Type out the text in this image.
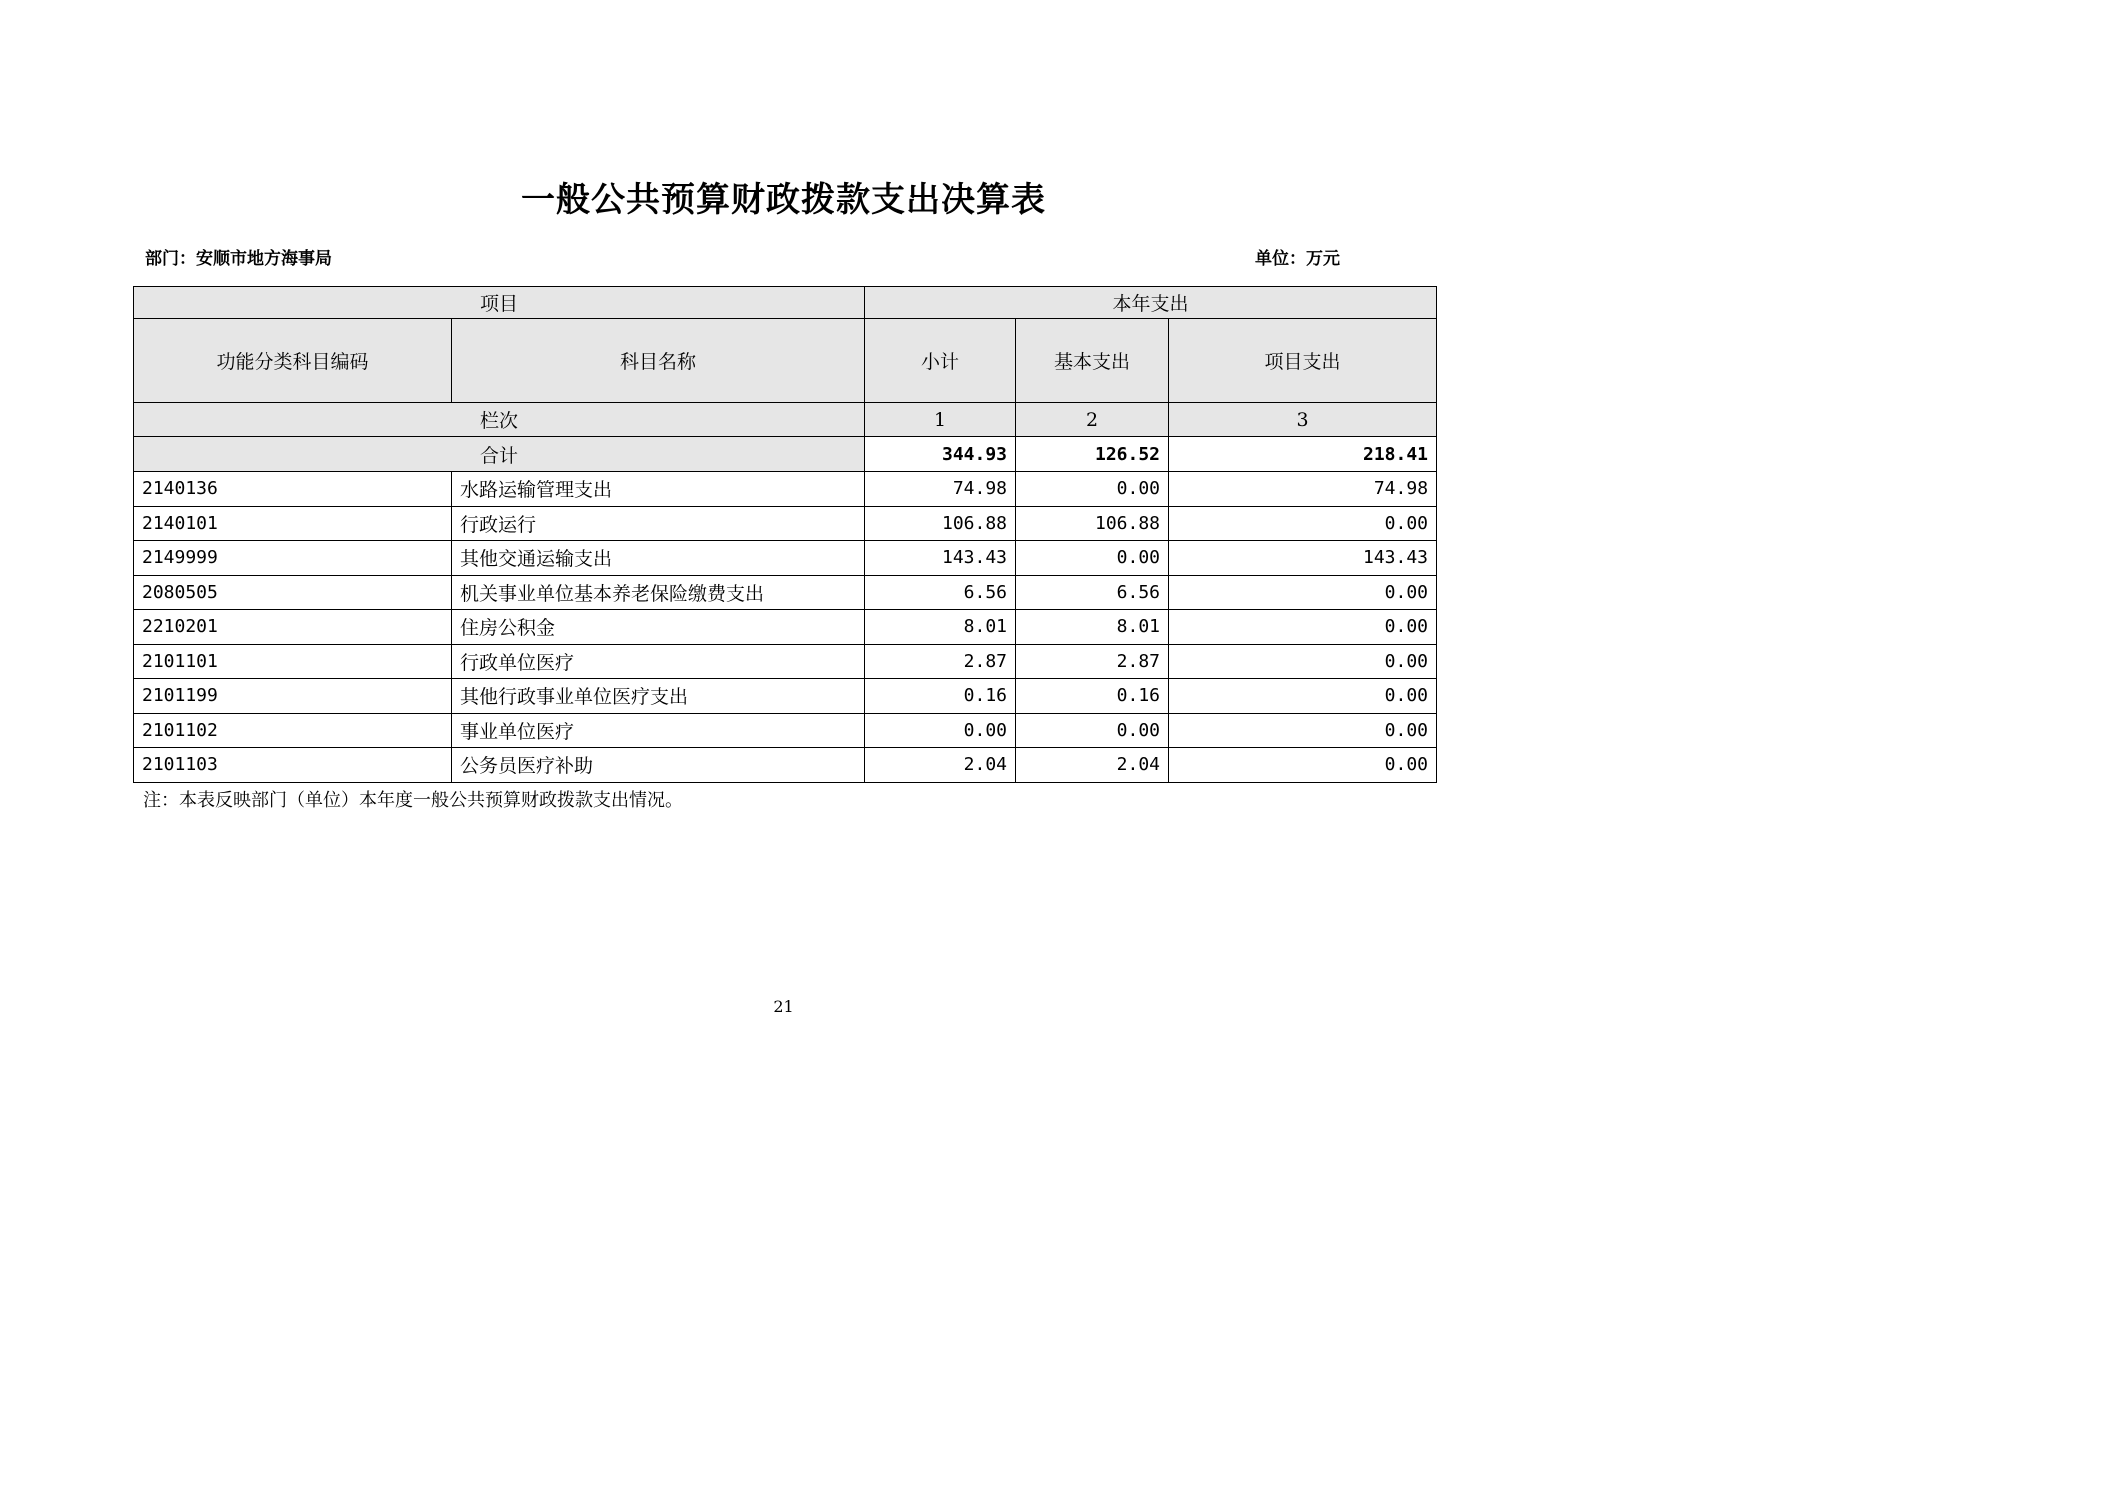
一般公共预算财政拨款支出决算表
部门：安顺市地方海事局	单位：万元
项目		本年支出		
功能分类科目编码	科目名称	小计	基本支出	项目支出
栏次		1	2	3
合计		344.93	126.52	218.41
2140136	水路运输管理支出	74.98	0.00	74.98
2140101	行政运行	106.88	106.88	0.00
2149999	其他交通运输支出	143.43	0.00	143.43
2080505	机关事业单位基本养老保险缴费支出	6.56	6.56	0.00
2210201	住房公积金	8.01	8.01	0.00
2101101	行政单位医疗	2.87	2.87	0.00
2101199	其他行政事业单位医疗支出	0.16	0.16	0.00
2101102	事业单位医疗	0.00	0.00	0.00
2101103	公务员医疗补助	2.04	2.04	0.00
注：本表反映部门（单位）本年度一般公共预算财政拨款支出情况。
21
